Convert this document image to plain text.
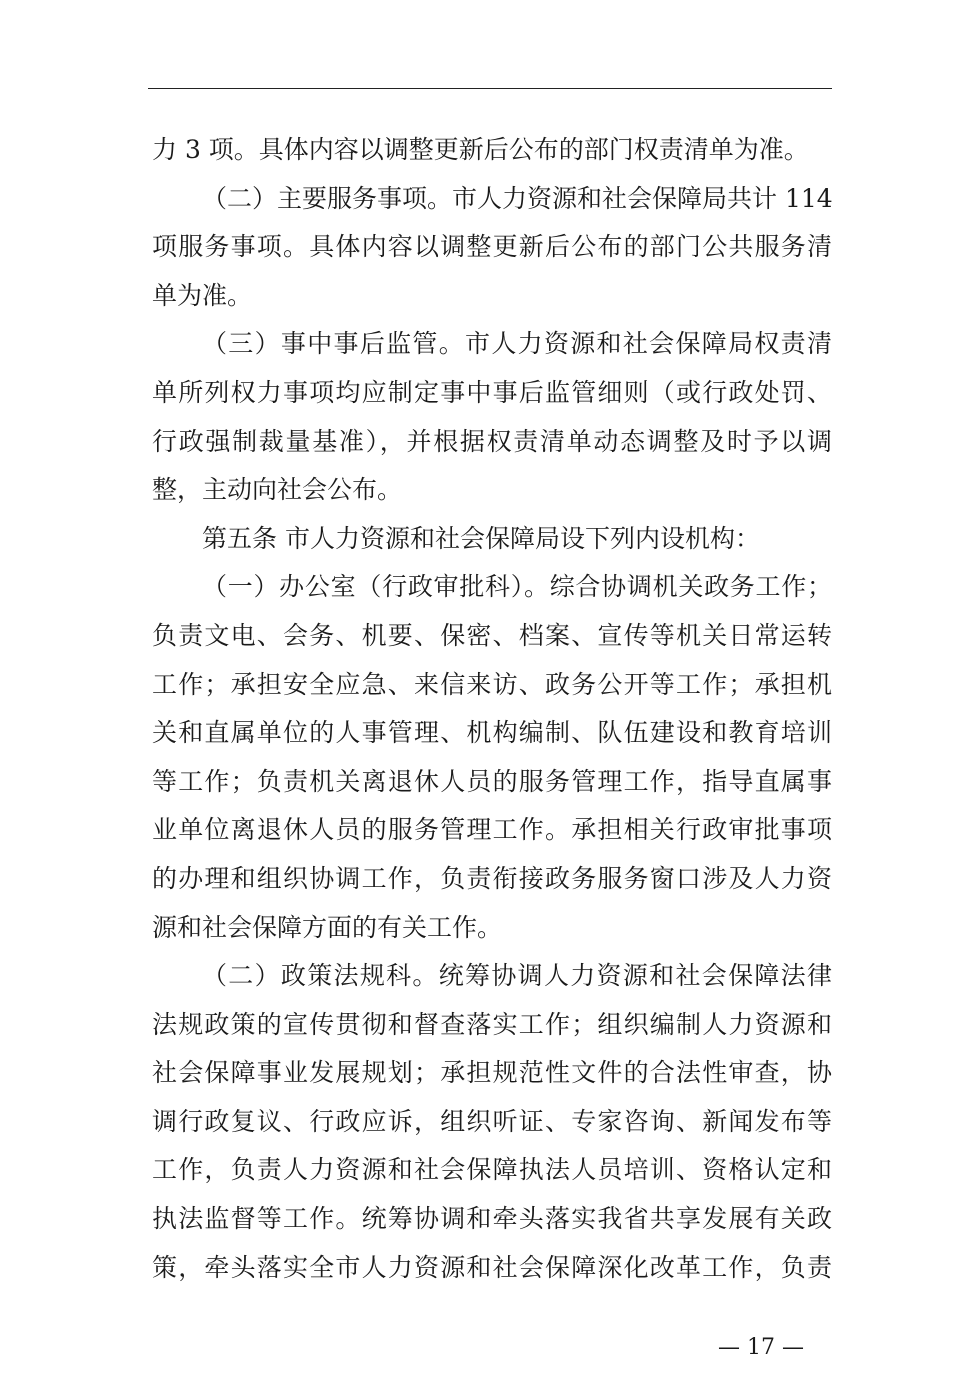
力 3 项。具体内容以调整更新后公布的部门权责清单为准。
（二）主要服务事项。市人力资源和社会保障局共计 114
项服务事项。具体内容以调整更新后公布的部门公共服务清
单为准。
（三）事中事后监管。市人力资源和社会保障局权责清
单所列权力事项均应制定事中事后监管细则（或行政处罚、
行政强制裁量基准），并根据权责清单动态调整及时予以调
整，主动向社会公布。
第五条 市人力资源和社会保障局设下列内设机构：
（一）办公室（行政审批科）。综合协调机关政务工作；
负责文电、会务、机要、保密、档案、宣传等机关日常运转
工作；承担安全应急、来信来访、政务公开等工作；承担机
关和直属单位的人事管理、机构编制、队伍建设和教育培训
等工作；负责机关离退休人员的服务管理工作，指导直属事
业单位离退休人员的服务管理工作。承担相关行政审批事项
的办理和组织协调工作，负责衔接政务服务窗口涉及人力资
源和社会保障方面的有关工作。
（二）政策法规科。统筹协调人力资源和社会保障法律
法规政策的宣传贯彻和督查落实工作；组织编制人力资源和
社会保障事业发展规划；承担规范性文件的合法性审查，协
调行政复议、行政应诉，组织听证、专家咨询、新闻发布等
工作，负责人力资源和社会保障执法人员培训、资格认定和
执法监督等工作。统筹协调和牵头落实我省共享发展有关政
策，牵头落实全市人力资源和社会保障深化改革工作，负责
— 17 —
